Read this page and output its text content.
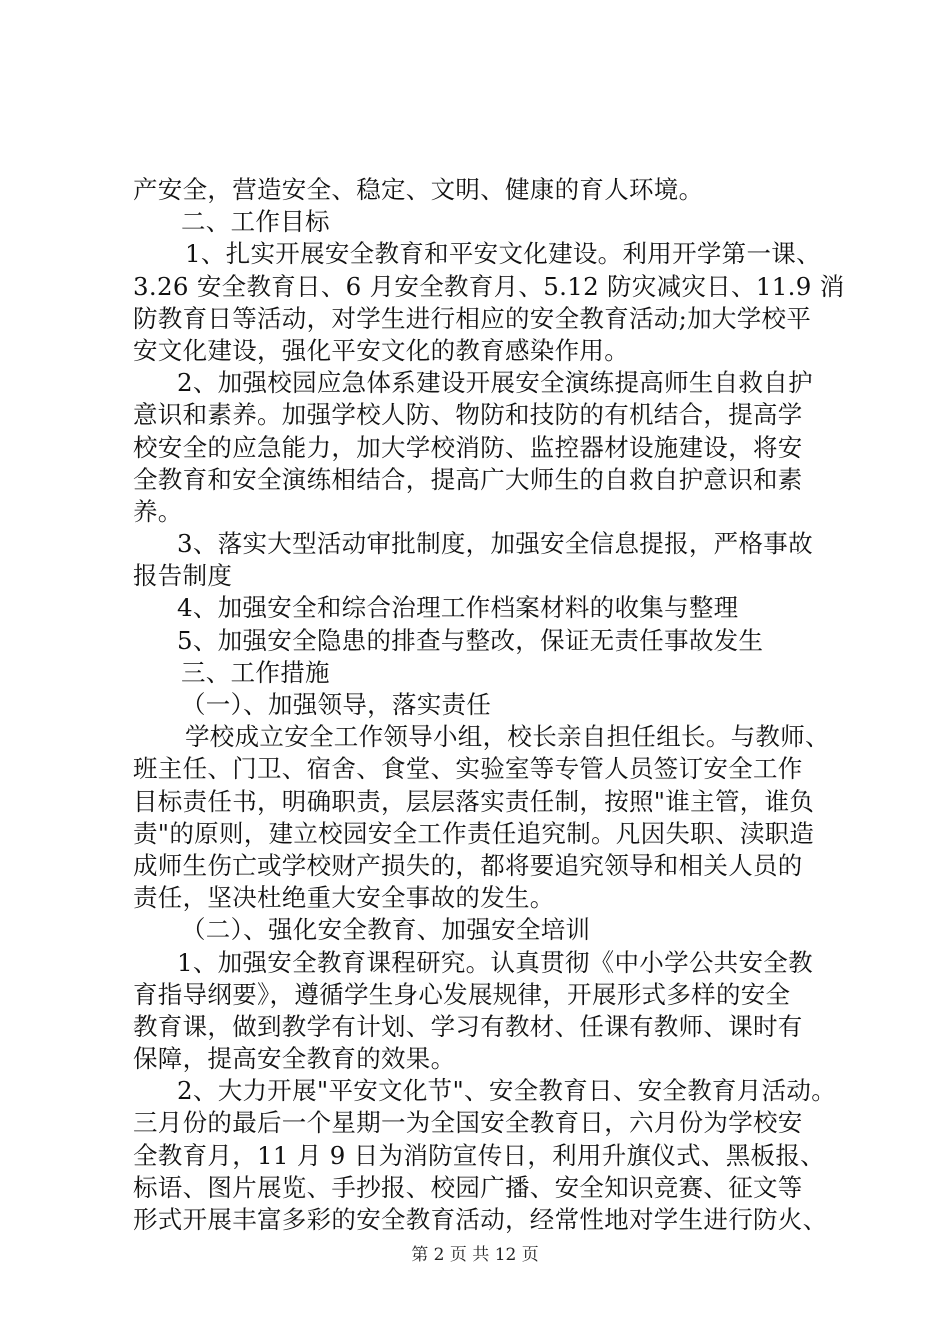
产安全，营造安全、稳定、文明、健康的育人环境。
二、工作目标
1、扎实开展安全教育和平安文化建设。利用开学第一课、
3.26 安全教育日、6 月安全教育月、5.12 防灾减灾日、11.9 消
防教育日等活动，对学生进行相应的安全教育活动;加大学校平
安文化建设，强化平安文化的教育感染作用。
2、加强校园应急体系建设开展安全演练提高师生自救自护
意识和素养。加强学校人防、物防和技防的有机结合，提高学
校安全的应急能力，加大学校消防、监控器材设施建设，将安
全教育和安全演练相结合，提高广大师生的自救自护意识和素
养。
3、落实大型活动审批制度，加强安全信息提报，严格事故
报告制度
4、加强安全和综合治理工作档案材料的收集与整理
5、加强安全隐患的排查与整改，保证无责任事故发生
三、工作措施
（一）、加强领导，落实责任
学校成立安全工作领导小组，校长亲自担任组长。与教师、
班主任、门卫、宿舍、食堂、实验室等专管人员签订安全工作
目标责任书，明确职责，层层落实责任制，按照"谁主管，谁负
责"的原则，建立校园安全工作责任追究制。凡因失职、渎职造
成师生伤亡或学校财产损失的，都将要追究领导和相关人员的
责任，坚决杜绝重大安全事故的发生。
（二）、强化安全教育、加强安全培训
1、加强安全教育课程研究。认真贯彻《中小学公共安全教
育指导纲要》，遵循学生身心发展规律，开展形式多样的安全
教育课，做到教学有计划、学习有教材、任课有教师、课时有
保障，提高安全教育的效果。
2、大力开展"平安文化节"、安全教育日、安全教育月活动。
三月份的最后一个星期一为全国安全教育日，六月份为学校安
全教育月，11 月 9 日为消防宣传日，利用升旗仪式、黑板报、
标语、图片展览、手抄报、校园广播、安全知识竞赛、征文等
形式开展丰富多彩的安全教育活动，经常性地对学生进行防火、
第 2 页 共 12 页
